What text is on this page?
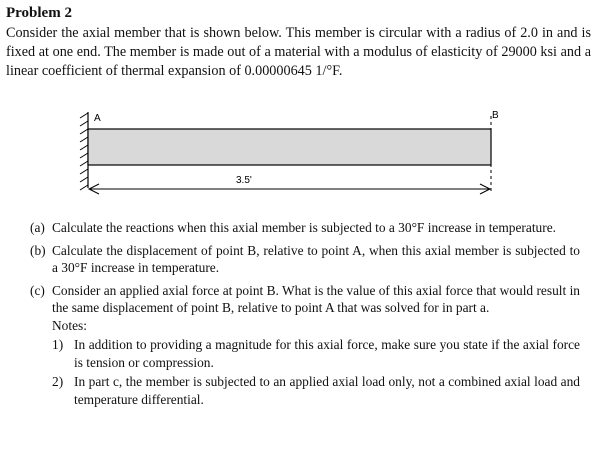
Problem 2
Consider the axial member that is shown below. This member is circular with a radius of 2.0 in and is fixed at one end. The member is made out of a material with a modulus of elasticity of 29000 ksi and a linear coefficient of thermal expansion of 0.00000645 1/°F.
A	B
3.5'
(a) Calculate the reactions when this axial member is subjected to a 30°F increase in temperature.
(b) Calculate the displacement of point B, relative to point A, when this axial member is subjected to a 30°F increase in temperature.
(c) Consider an applied axial force at point B. What is the value of this axial force that would result in the same displacement of point B, relative to point A that was solved for in part a.
Notes:
1) In addition to providing a magnitude for this axial force, make sure you state if the axial force is tension or compression.
2) In part c, the member is subjected to an applied axial load only, not a combined axial load and temperature differential.
